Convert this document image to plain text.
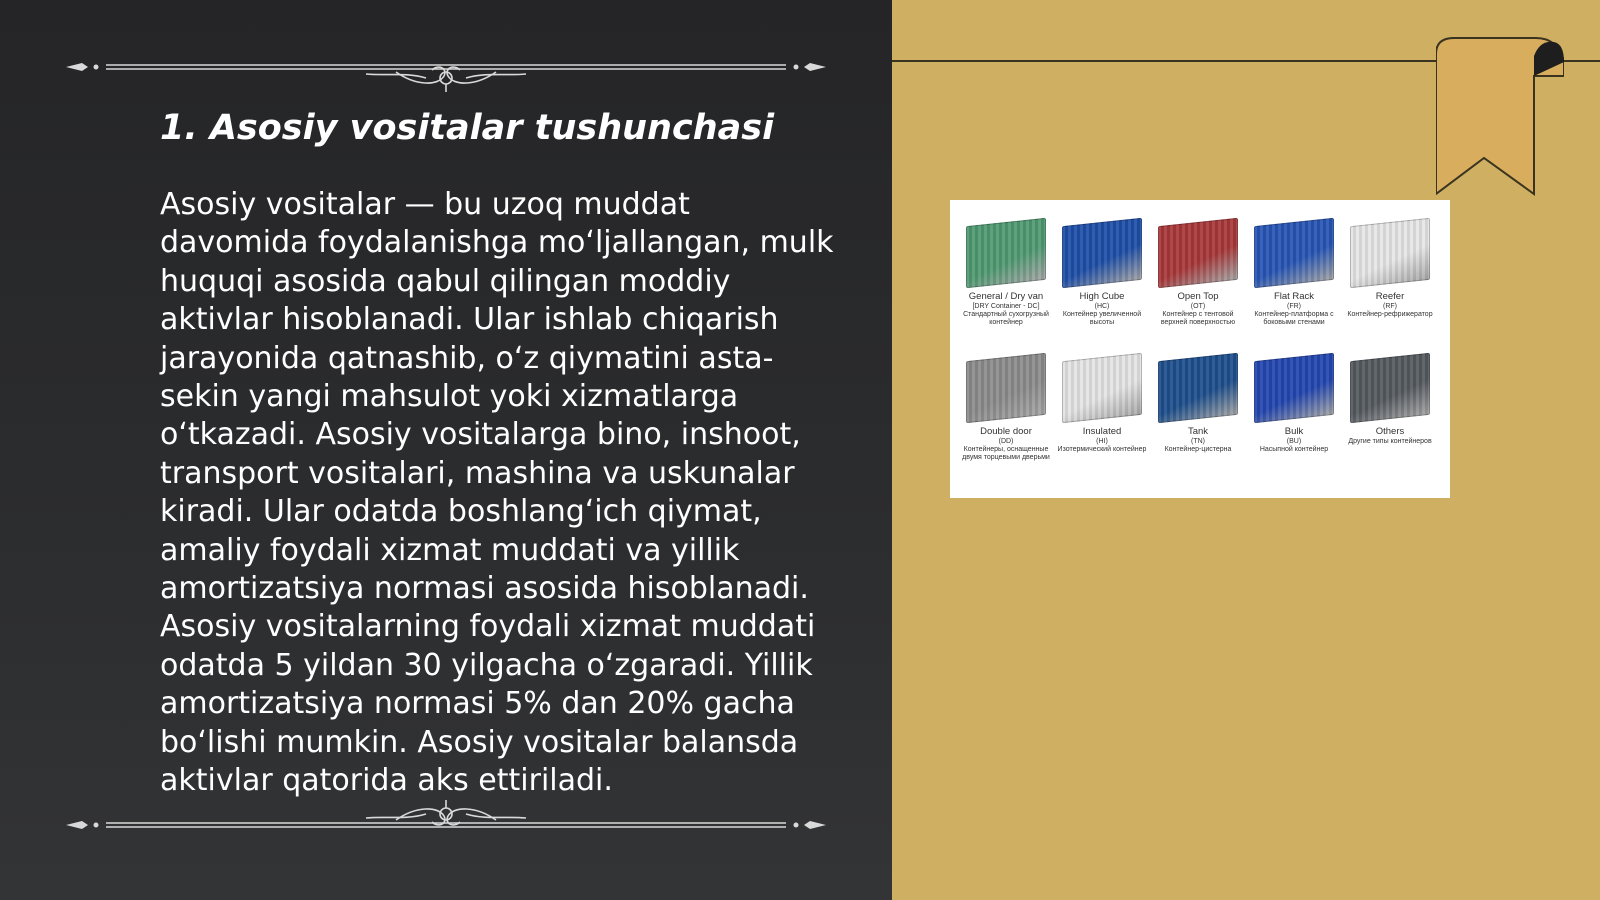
1. Asosiy vositalar tushunchasi

Asosiy vositalar — bu uzoq muddat davomida foydalanishga mo‘ljallangan, mulk huquqi asosida qabul qilingan moddiy aktivlar hisoblanadi. Ular ishlab chiqarish jarayonida qatnashib, o‘z qiymatini asta-sekin yangi mahsulot yoki xizmatlarga o‘tkazadi. Asosiy vositalarga bino, inshoot, transport vositalari, mashina va uskunalar kiradi. Ular odatda boshlang‘ich qiymat, amaliy foydali xizmat muddati va yillik amortizatsiya normasi asosida hisoblanadi. Asosiy vositalarning foydali xizmat muddati odatda 5 yildan 30 yilgacha o‘zgaradi. Yillik amortizatsiya normasi 5% dan 20% gacha bo‘lishi mumkin. Asosiy vositalar balansda aktivlar qatorida aks ettiriladi.

General / Dry van
[DRY Container - DC]
Стандартный сухогрузный контейнер
High Cube
(HC)
Контейнер увеличенной высоты
Open Top
(OT)
Контейнер с тентовой верхней поверхностью
Flat Rack
(FR)
Контейнер-платформа с боковыми стенами
Reefer
(RF)
Контейнер-рефрижератор
Double door
(DD)
Контейнеры, оснащенные двумя торцевыми дверьми
Insulated
(HI)
Изотермический контейнер
Tank
(TN)
Контейнер-цистерна
Bulk
(BU)
Насыпной контейнер
Others
Другие типы контейнеров
